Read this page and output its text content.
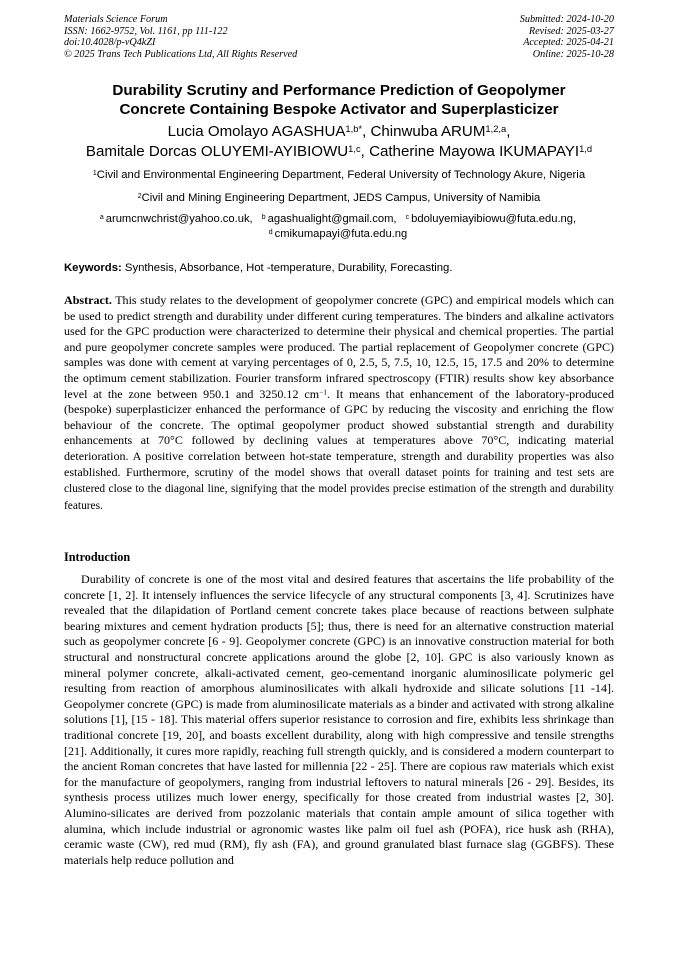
Materials Science Forum
ISSN: 1662-9752, Vol. 1161, pp 111-122
doi:10.4028/p-vQ4kZI
© 2025 Trans Tech Publications Ltd, All Rights Reserved
Submitted: 2024-10-20
Revised: 2025-03-27
Accepted: 2025-04-21
Online: 2025-10-28
Durability Scrutiny and Performance Prediction of Geopolymer
Concrete Containing Bespoke Activator and Superplasticizer
Lucia Omolayo $AGASHUA^{1,b*}$, Chinwuba ARUM$^{1,2,a}$,
Bamitale Dorcas OLUYEMI-AYIBIOWU$^{1,c}$, Catherine Mayowa IKUMAPAYI$^{1,d}$
$^1$Civil and Environmental Engineering Department, Federal University of Technology Akure, Nigeria
$^2$Civil and Mining Engineering Department, JEDS Campus, University of Namibia
$^a$ arumcnwchrist@yahoo.co.uk, $^b$ agashualight@gmail.com, $^c$ bdoluyemiayibiowu@futa.edu.ng,
$^d$ cmikumapayi@futa.edu.ng
Keywords: Synthesis, Absorbance, Hot -temperature, Durability, Forecasting.
Abstract. This study relates to the development of geopolymer concrete (GPC) and empirical models which can be used to predict strength and durability under different curing temperatures. The binders and alkaline activators used for the GPC production were characterized to determine their physical and chemical properties. The partial and pure geopolymer concrete samples were produced. The partial replacement of Geopolymer concrete (GPC) samples was done with cement at varying percentages of 0, 2.5, 5, 7.5, 10, 12.5, 15, 17.5 and 20% to determine the optimum cement stabilization. Fourier transform infrared spectroscopy (FTIR) results show key absorbance level at the zone between 950.1 and 3250.12 $cm^{-1}$. It means that enhancement of the laboratory-produced (bespoke) superplasticizer enhanced the performance of GPC by reducing the viscosity and enriching the flow behaviour of the concrete. The optimal geopolymer product showed substantial strength and durability enhancements at 70°C followed by declining values at temperatures above 70°C, indicating material deterioration. A positive correlation between hot-state temperature, strength and durability properties was also established. Furthermore, scrutiny of the model shows that overall dataset points for training and test sets are clustered close to the diagonal line, signifying that the model provides precise estimation of the strength and durability features.
Introduction
Durability of concrete is one of the most vital and desired features that ascertains the life probability of the concrete [1, 2]. It intensely influences the service lifecycle of any structural components [3, 4]. Scrutinizes have revealed that the dilapidation of Portland cement concrete takes place because of reactions between sulphate bearing mixtures and cement hydration products [5]; thus, there is need for an alternative construction material such as geopolymer concrete [6 - 9]. Geopolymer concrete (GPC) is an innovative construction material for both structural and nonstructural concrete applications around the globe [2, 10]. GPC is also variously known as mineral polymer concrete, alkali-activated cement, geo-cementand inorganic aluminosilicate polymeric gel resulting from reaction of amorphous aluminosilicates with alkali hydroxide and silicate solutions [11 -14]. Geopolymer concrete (GPC) is made from aluminosilicate materials as a binder and activated with strong alkaline solutions [1], [15 - 18]. This material offers superior resistance to corrosion and fire, exhibits less shrinkage than traditional concrete [19, 20], and boasts excellent durability, along with high compressive and tensile strengths [21]. Additionally, it cures more rapidly, reaching full strength quickly, and is considered a modern counterpart to the ancient Roman concretes that have lasted for millennia [22 - 25]. There are copious raw materials which exist for the manufacture of geopolymers, ranging from industrial leftovers to natural minerals [26 - 29]. Besides, its synthesis process utilizes much lower energy, specifically for those created from industrial wastes [2, 30]. Alumino-silicates are derived from pozzolanic materials that contain ample amount of silica together with alumina, which include industrial or agronomic wastes like palm oil fuel ash (POFA), rice husk ash (RHA), ceramic waste (CW), red mud (RM), fly ash (FA), and ground granulated blast furnace slag (GGBFS). These materials help reduce pollution and
